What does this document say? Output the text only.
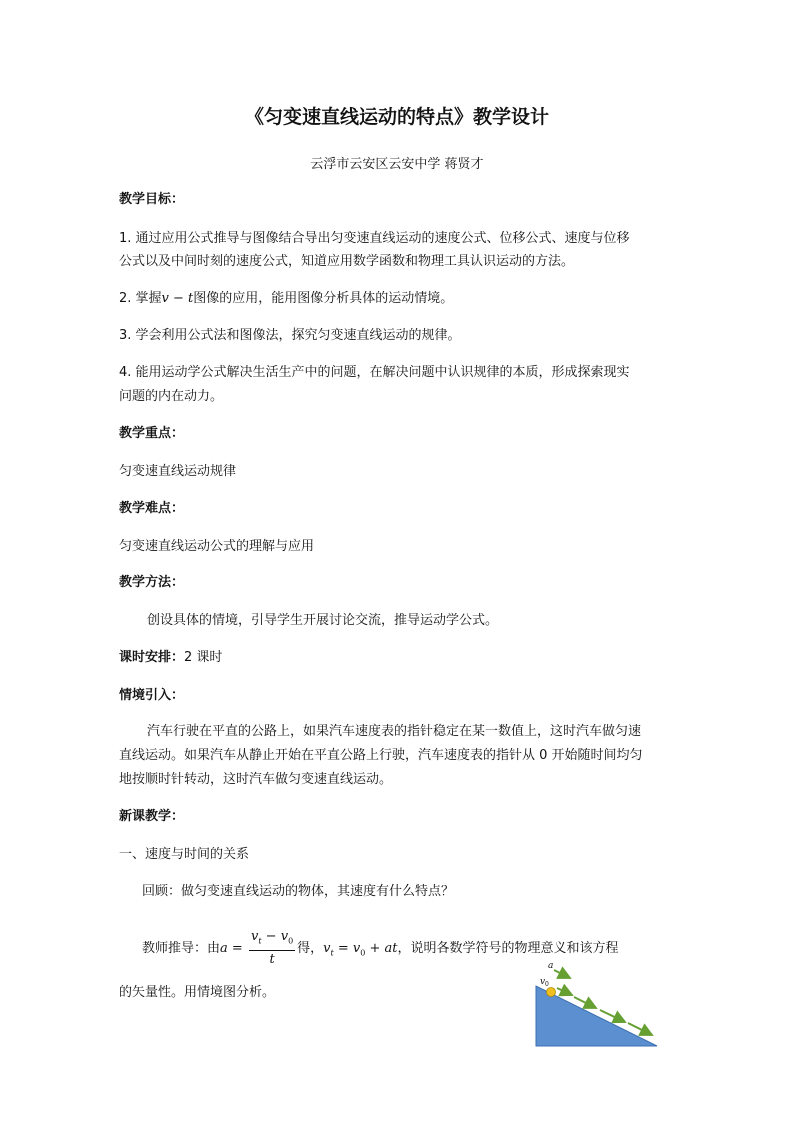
《匀变速直线运动的特点》教学设计
云浮市云安区云安中学 蒋贤才
教学目标：
1. 通过应用公式推导与图像结合导出匀变速直线运动的速度公式、位移公式、速度与位移
公式以及中间时刻的速度公式，知道应用数学函数和物理工具认识运动的方法。
2. 掌握v − t图像的应用，能用图像分析具体的运动情境。
3. 学会利用公式法和图像法，探究匀变速直线运动的规律。
4. 能用运动学公式解决生活生产中的问题，在解决问题中认识规律的本质，形成探索现实
问题的内在动力。
教学重点：
匀变速直线运动规律
教学难点：
匀变速直线运动公式的理解与应用
教学方法：
创设具体的情境，引导学生开展讨论交流，推导运动学公式。
课时安排：2 课时
情境引入：
汽车行驶在平直的公路上，如果汽车速度表的指针稳定在某一数值上，这时汽车做匀速
直线运动。如果汽车从静止开始在平直公路上行驶，汽车速度表的指针从 0 开始随时间均匀
地按顺时针转动，这时汽车做匀变速直线运动。
新课教学：
一、速度与时间的关系
回顾：做匀变速直线运动的物体，其速度有什么特点？
教师推导：由$a = \frac{v_t - v_0}{t}$ 得，$v_t = v_0$ + at，说明各数学符号的物理意义和该方程
的矢量性。用情境图分析。
a
v 0
